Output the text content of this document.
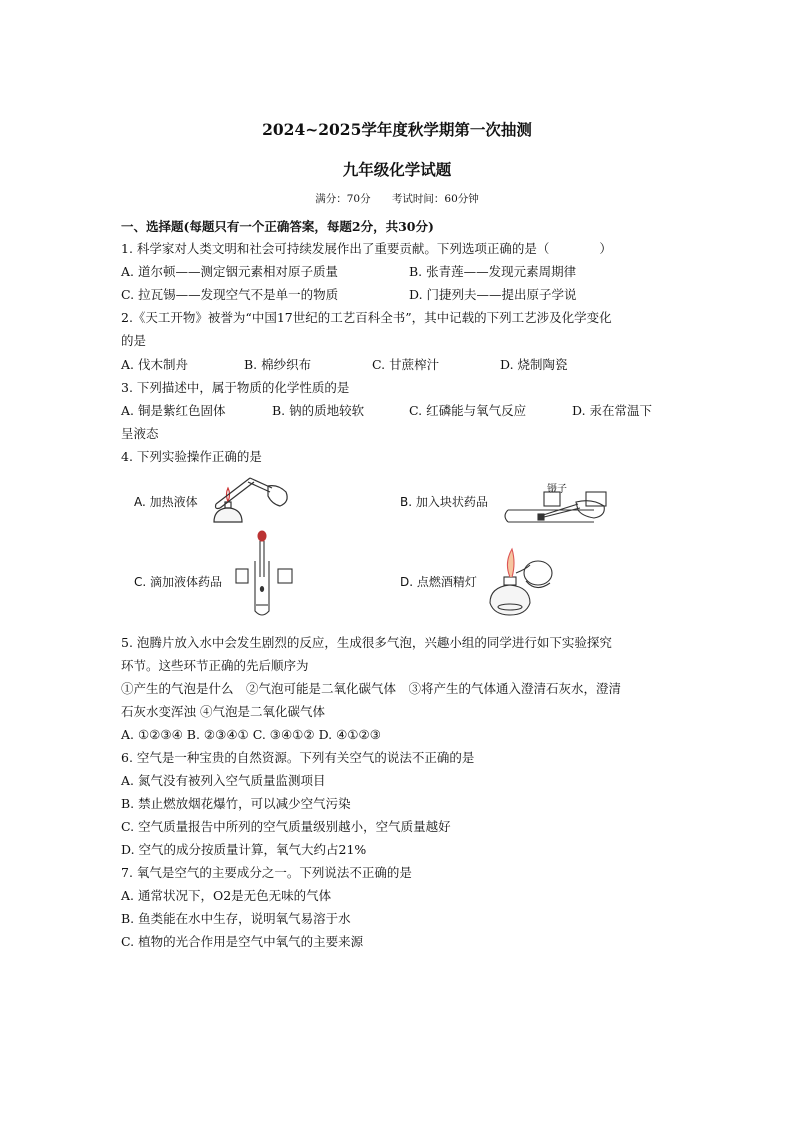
2024~2025学年度秋学期第一次抽测
九年级化学试题
满分：70分 考试时间：60分钟
一、选择题(每题只有一个正确答案，每题2分，共30分)
1. 科学家对人类文明和社会可持续发展作出了重要贡献。下列选项正确的是（　　　　）
A. 道尔顿——测定铟元素相对原子质量	B. 张青莲——发现元素周期律
C. 拉瓦锡——发现空气不是单一的物质	D. 门捷列夫——提出原子学说
2.《天工开物》被誉为“中国17世纪的工艺百科全书”，其中记载的下列工艺涉及化学变化
的是
A. 伐木制舟	B. 棉纱织布	C. 甘蔗榨汁	D. 烧制陶瓷
3. 下列描述中，属于物质的化学性质的是
A. 铜是紫红色固体	B. 钠的质地较软	C. 红磷能与氧气反应	D. 汞在常温下
呈液态
4. 下列实验操作正确的是
A. 加热液体	B. 加入块状药品
镊子
C. 滴加液体药品	D. 点燃酒精灯
5. 泡腾片放入水中会发生剧烈的反应，生成很多气泡，兴趣小组的同学进行如下实验探究
环节。这些环节正确的先后顺序为
①产生的气泡是什么　②气泡可能是二氧化碳气体　③将产生的气体通入澄清石灰水，澄清
石灰水变浑浊 ④气泡是二氧化碳气体
A. ①②③④ B. ②③④① C. ③④①② D. ④①②③
6. 空气是一种宝贵的自然资源。下列有关空气的说法不正确的是
A. 氮气没有被列入空气质量监测项目
B. 禁止燃放烟花爆竹，可以减少空气污染
C. 空气质量报告中所列的空气质量级别越小，空气质量越好
D. 空气的成分按质量计算，氧气大约占21%
7. 氧气是空气的主要成分之一。下列说法不正确的是
A. 通常状况下，O2是无色无味的气体
B. 鱼类能在水中生存，说明氧气易溶于水
C. 植物的光合作用是空气中氧气的主要来源
